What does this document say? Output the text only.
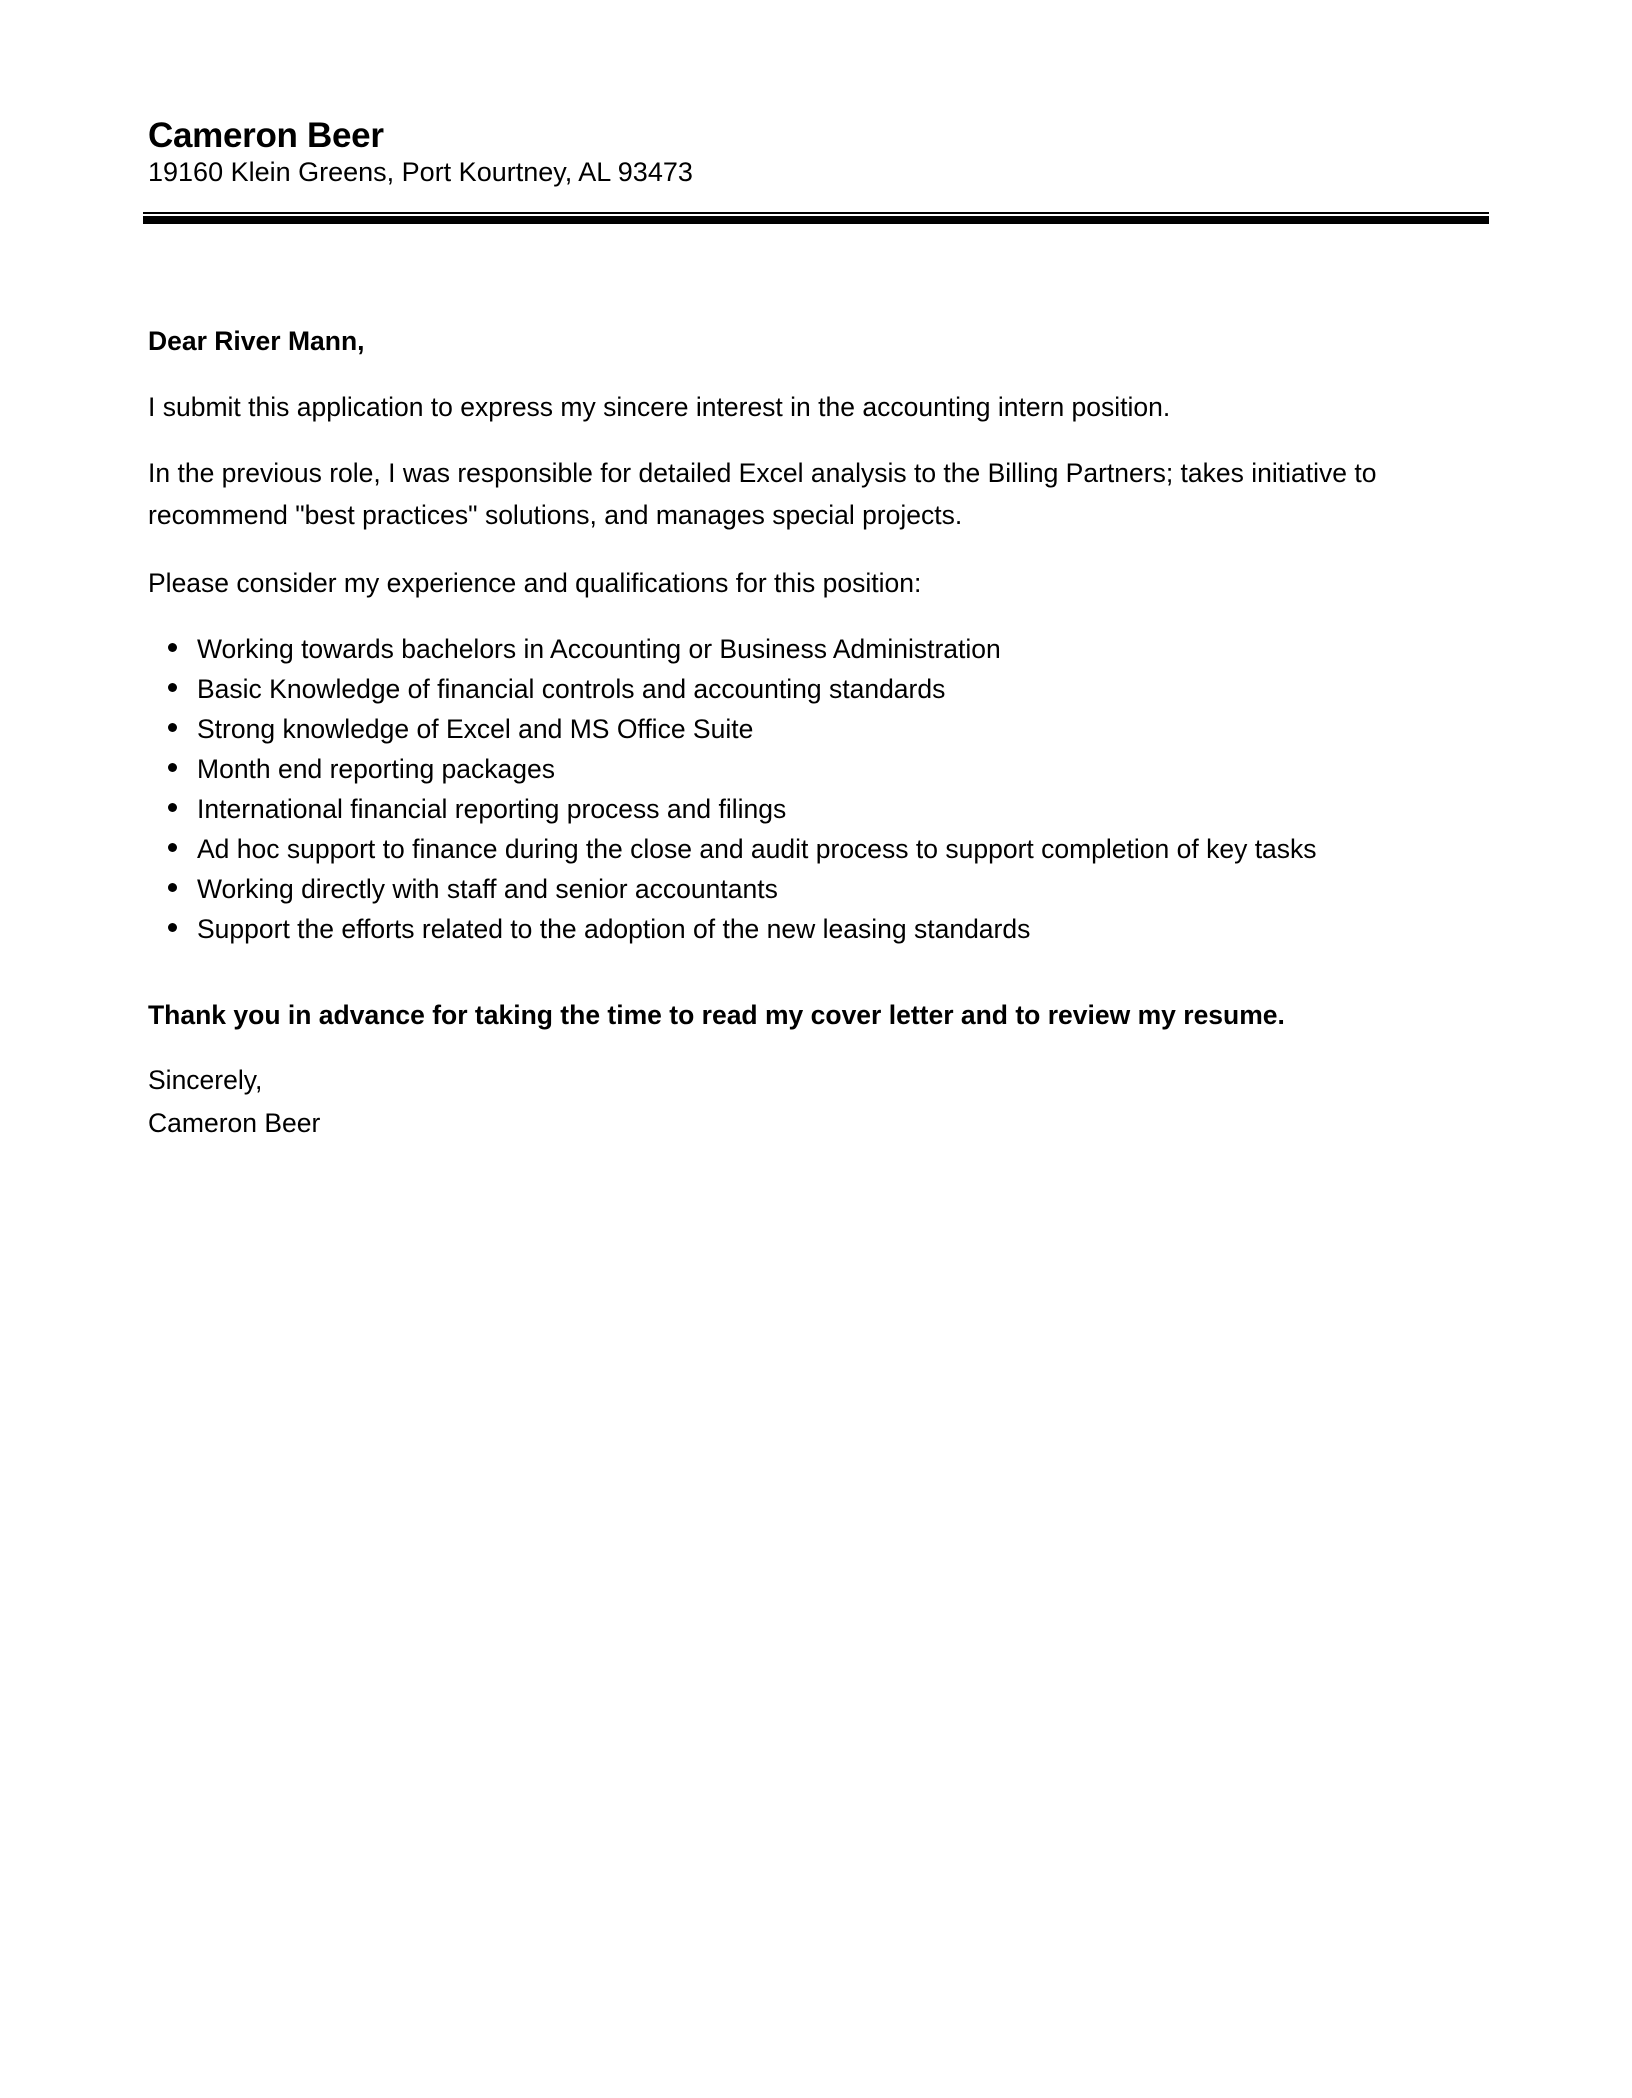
Cameron Beer
19160 Klein Greens, Port Kourtney, AL 93473
Dear River Mann,
I submit this application to express my sincere interest in the accounting intern position.
In the previous role, I was responsible for detailed Excel analysis to the Billing Partners; takes initiative to
recommend "best practices" solutions, and manages special projects.
Please consider my experience and qualifications for this position:
Working towards bachelors in Accounting or Business Administration
Basic Knowledge of financial controls and accounting standards
Strong knowledge of Excel and MS Office Suite
Month end reporting packages
International financial reporting process and filings
Ad hoc support to finance during the close and audit process to support completion of key tasks
Working directly with staff and senior accountants
Support the efforts related to the adoption of the new leasing standards
Thank you in advance for taking the time to read my cover letter and to review my resume.
Sincerely,
Cameron Beer
